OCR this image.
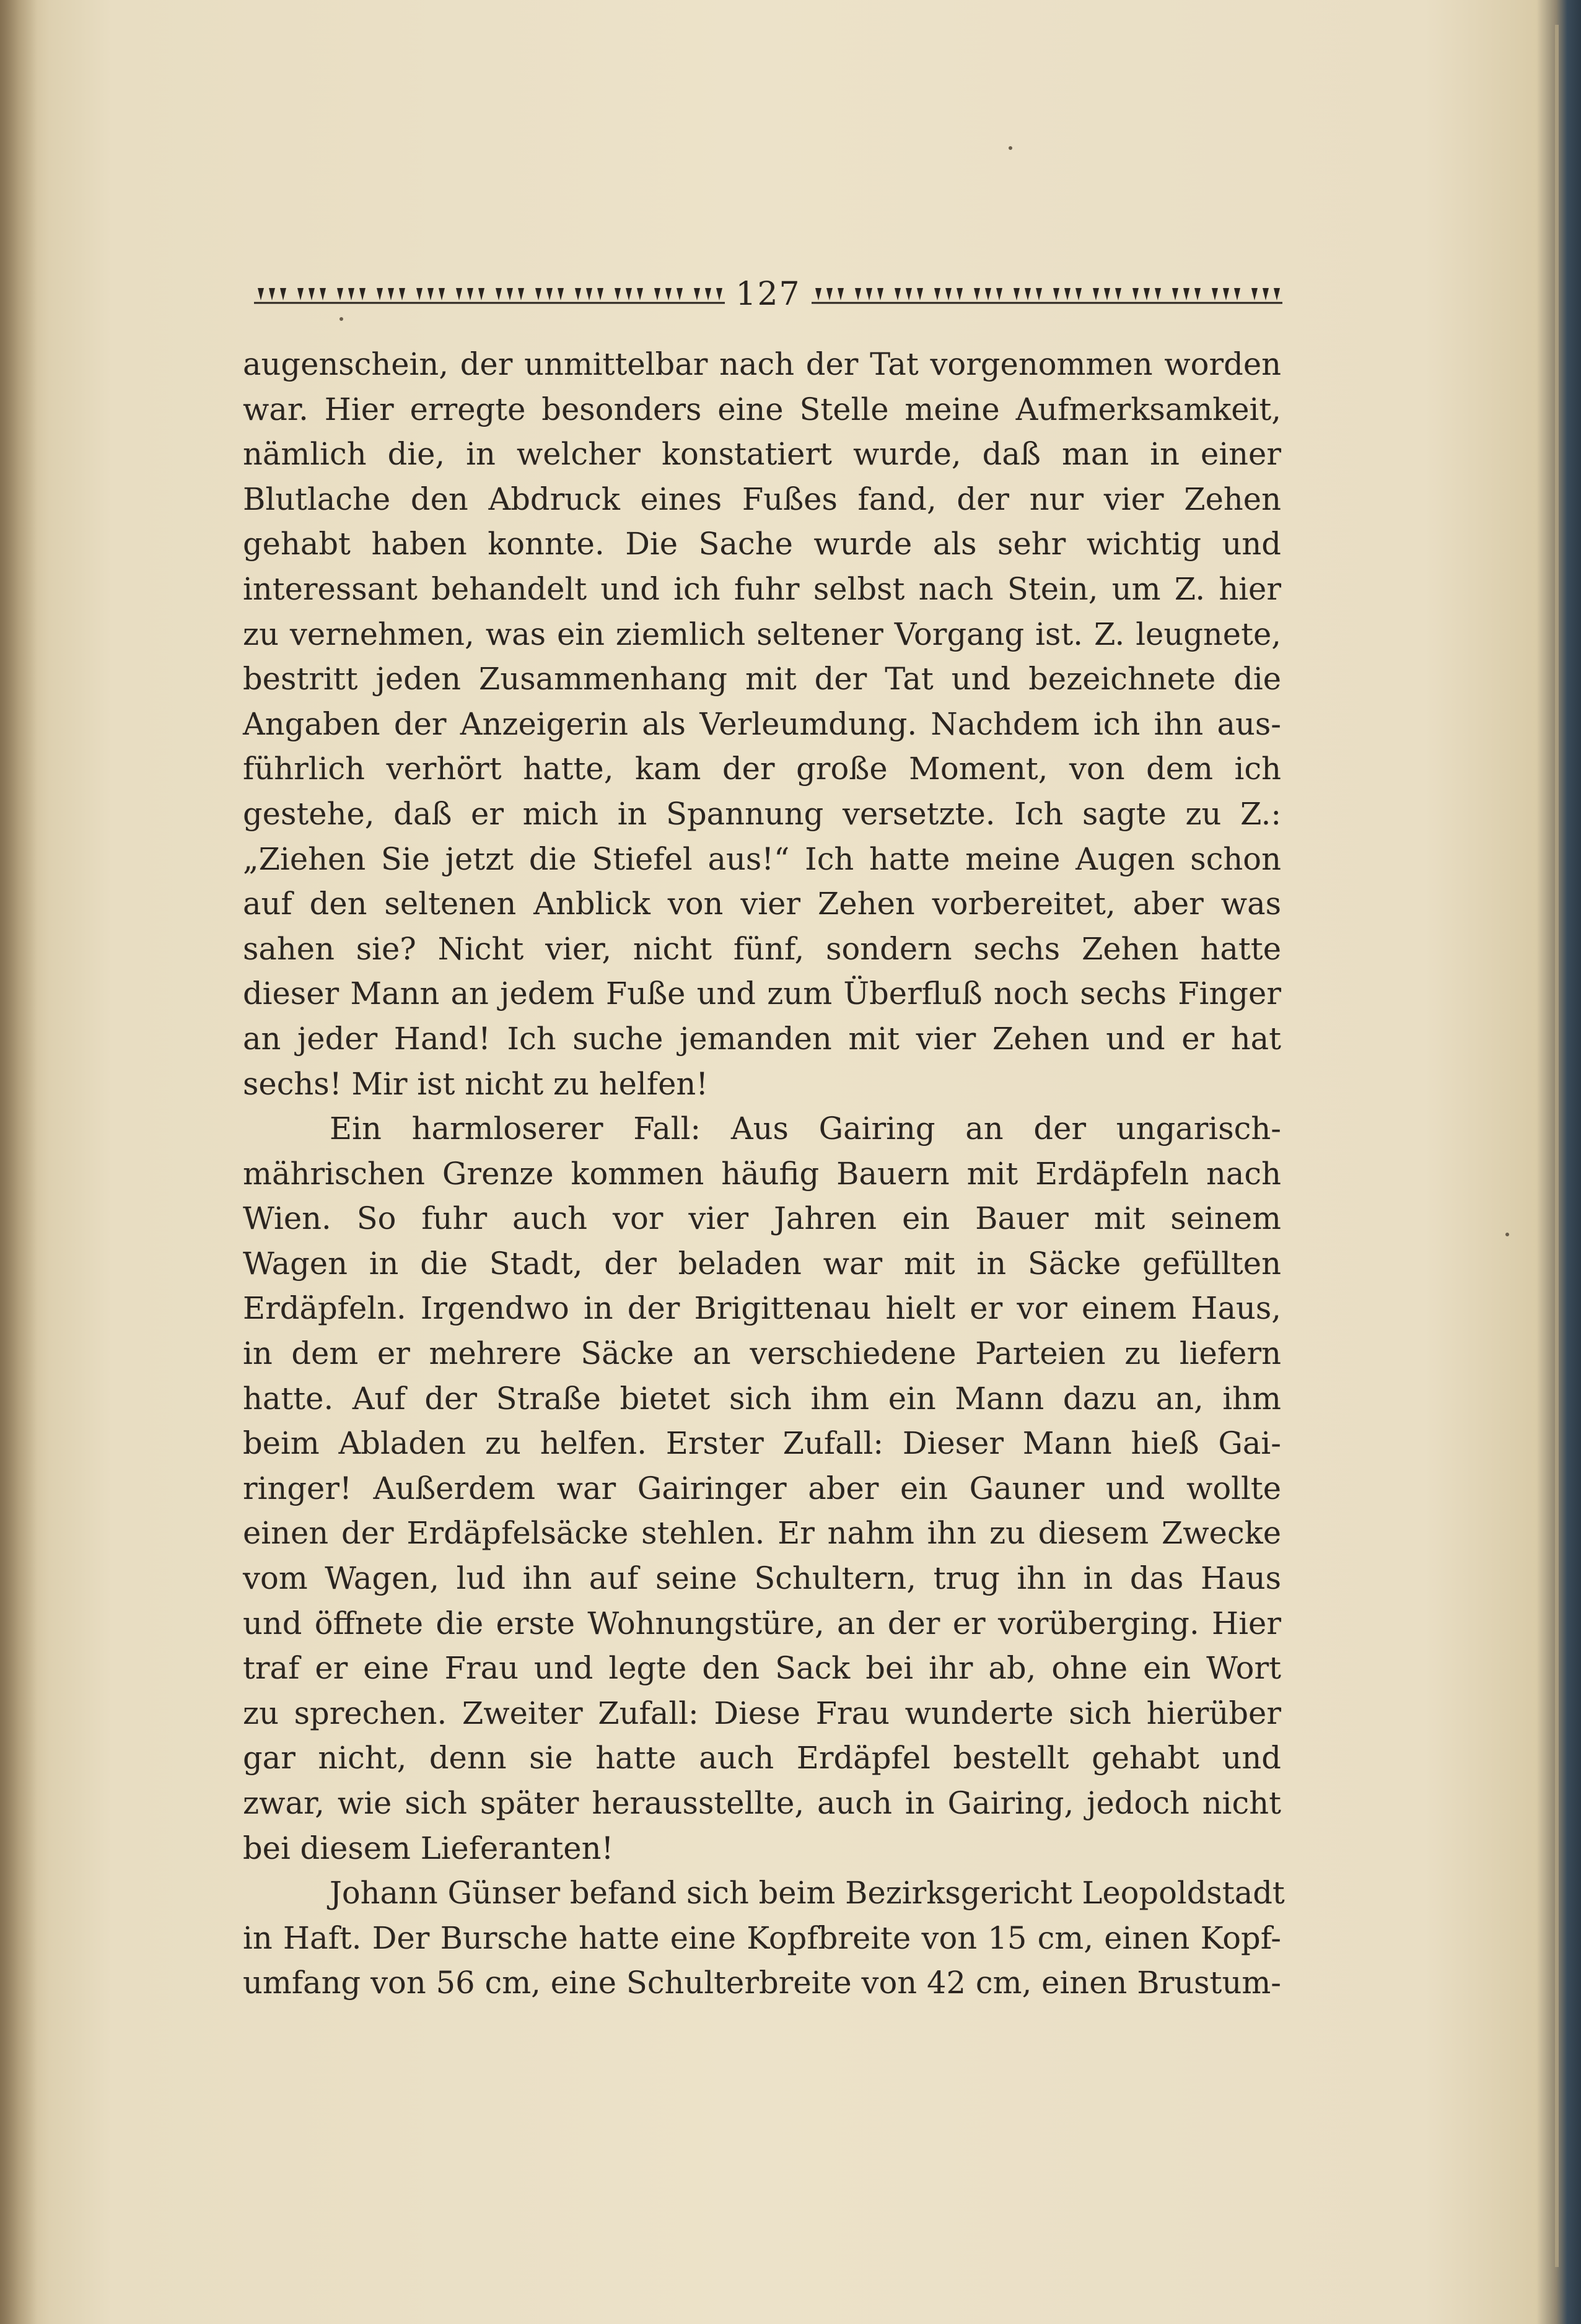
127
augenschein, der unmittelbar nach der Tat vorgenommen worden
war. Hier erregte besonders eine Stelle meine Aufmerksamkeit,
nämlich die, in welcher konstatiert wurde, daß man in einer
Blutlache den Abdruck eines Fußes fand, der nur vier Zehen
gehabt haben konnte. Die Sache wurde als sehr wichtig und
interessant behandelt und ich fuhr selbst nach Stein, um Z. hier
zu vernehmen, was ein ziemlich seltener Vorgang ist. Z. leugnete,
bestritt jeden Zusammenhang mit der Tat und bezeichnete die
Angaben der Anzeigerin als Verleumdung. Nachdem ich ihn aus-
führlich verhört hatte, kam der große Moment, von dem ich
gestehe, daß er mich in Spannung versetzte. Ich sagte zu Z.:
„Ziehen Sie jetzt die Stiefel aus!“ Ich hatte meine Augen schon
auf den seltenen Anblick von vier Zehen vorbereitet, aber was
sahen sie? Nicht vier, nicht fünf, sondern sechs Zehen hatte
dieser Mann an jedem Fuße und zum Überfluß noch sechs Finger
an jeder Hand! Ich suche jemanden mit vier Zehen und er hat
sechs! Mir ist nicht zu helfen!
Ein harmloserer Fall: Aus Gairing an der ungarisch-
mährischen Grenze kommen häufig Bauern mit Erdäpfeln nach
Wien. So fuhr auch vor vier Jahren ein Bauer mit seinem
Wagen in die Stadt, der beladen war mit in Säcke gefüllten
Erdäpfeln. Irgendwo in der Brigittenau hielt er vor einem Haus,
in dem er mehrere Säcke an verschiedene Parteien zu liefern
hatte. Auf der Straße bietet sich ihm ein Mann dazu an, ihm
beim Abladen zu helfen. Erster Zufall: Dieser Mann hieß Gai-
ringer! Außerdem war Gairinger aber ein Gauner und wollte
einen der Erdäpfelsäcke stehlen. Er nahm ihn zu diesem Zwecke
vom Wagen, lud ihn auf seine Schultern, trug ihn in das Haus
und öffnete die erste Wohnungstüre, an der er vorüberging. Hier
traf er eine Frau und legte den Sack bei ihr ab, ohne ein Wort
zu sprechen. Zweiter Zufall: Diese Frau wunderte sich hierüber
gar nicht, denn sie hatte auch Erdäpfel bestellt gehabt und
zwar, wie sich später herausstellte, auch in Gairing, jedoch nicht
bei diesem Lieferanten!
Johann Günser befand sich beim Bezirksgericht Leopoldstadt
in Haft. Der Bursche hatte eine Kopfbreite von 15 cm, einen Kopf-
umfang von 56 cm, eine Schulterbreite von 42 cm, einen Brustum-
